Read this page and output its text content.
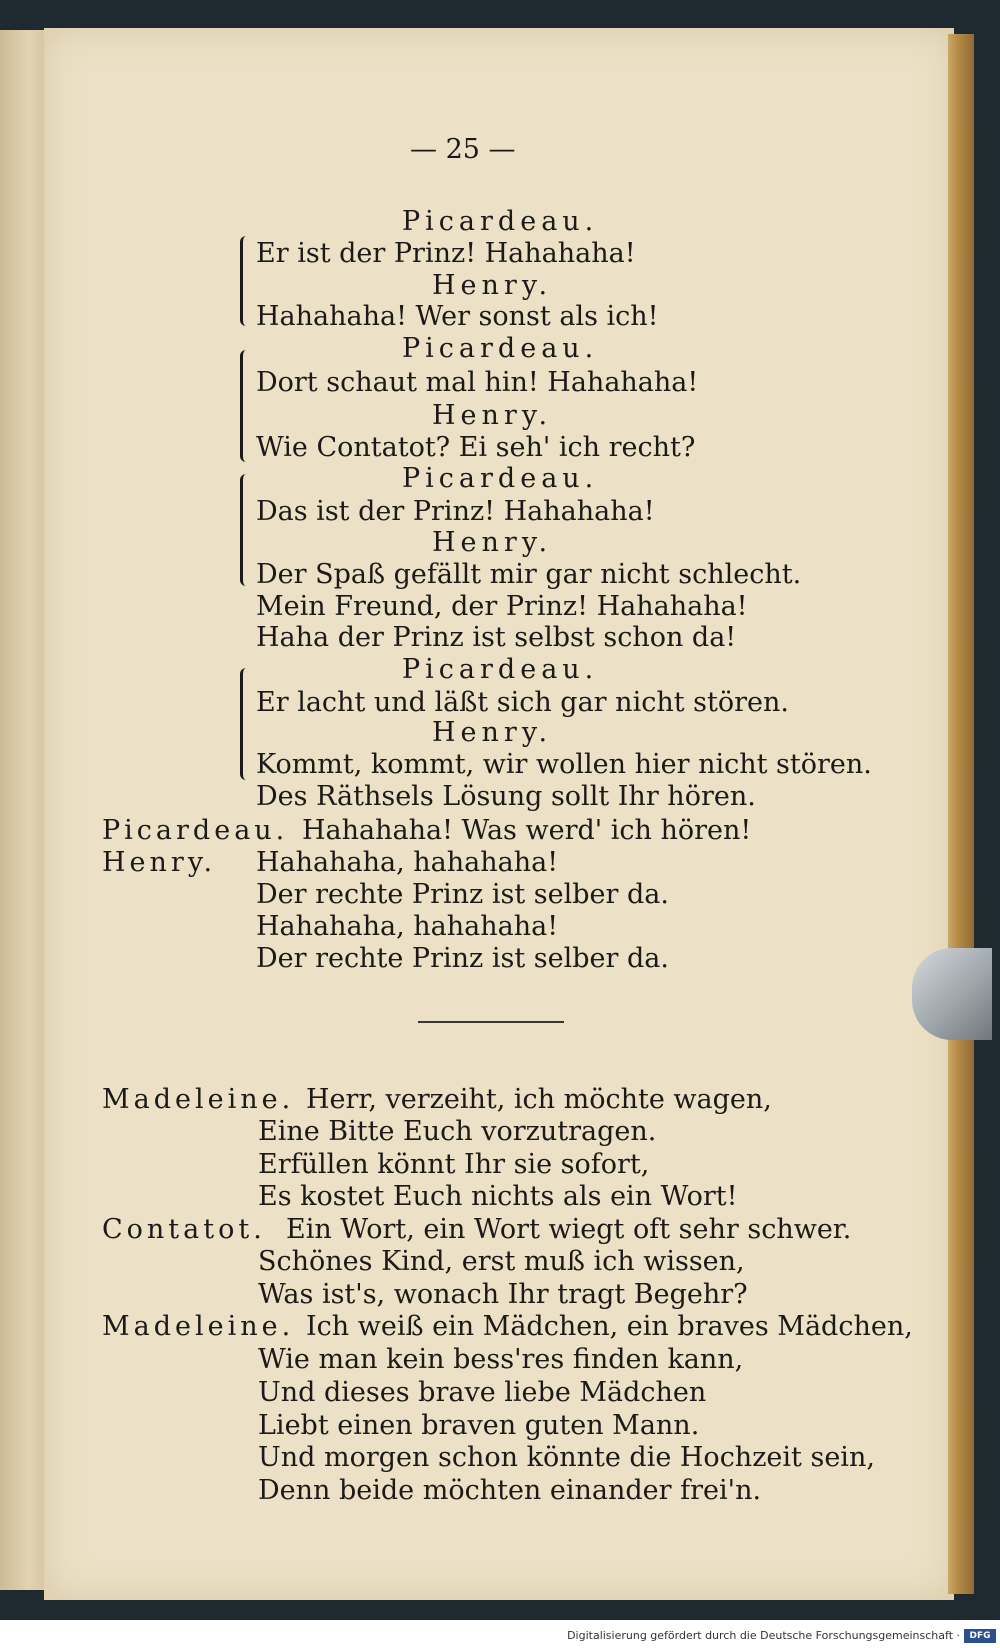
— 25 —
Picardeau.
Er ist der Prinz! Hahahaha!
Henry.
Hahahaha! Wer sonst als ich!
Picardeau.
Dort schaut mal hin! Hahahaha!
Henry.
Wie Contatot? Ei seh' ich recht?
Picardeau.
Das ist der Prinz! Hahahaha!
Henry.
Der Spaß gefällt mir gar nicht schlecht.
Mein Freund, der Prinz! Hahahaha!
Haha der Prinz ist selbst schon da!
Picardeau.
Er lacht und läßt sich gar nicht stören.
Henry.
Kommt, kommt, wir wollen hier nicht stören.
Des Räthsels Lösung sollt Ihr hören.
Picardeau. Hahahaha! Was werd' ich hören!
Henry. Hahahaha, hahahaha!
Der rechte Prinz ist selber da.
Hahahaha, hahahaha!
Der rechte Prinz ist selber da.
Madeleine. Herr, verzeiht, ich möchte wagen,
Eine Bitte Euch vorzutragen.
Erfüllen könnt Ihr sie sofort,
Es kostet Euch nichts als ein Wort!
Contatot. Ein Wort, ein Wort wiegt oft sehr schwer.
Schönes Kind, erst muß ich wissen,
Was ist's, wonach Ihr tragt Begehr?
Madeleine. Ich weiß ein Mädchen, ein braves Mädchen,
Wie man kein bess'res finden kann,
Und dieses brave liebe Mädchen
Liebt einen braven guten Mann.
Und morgen schon könnte die Hochzeit sein,
Denn beide möchten einander frei'n.
Digitalisierung gefördert durch die Deutsche Forschungsgemeinschaft ·	DFG
